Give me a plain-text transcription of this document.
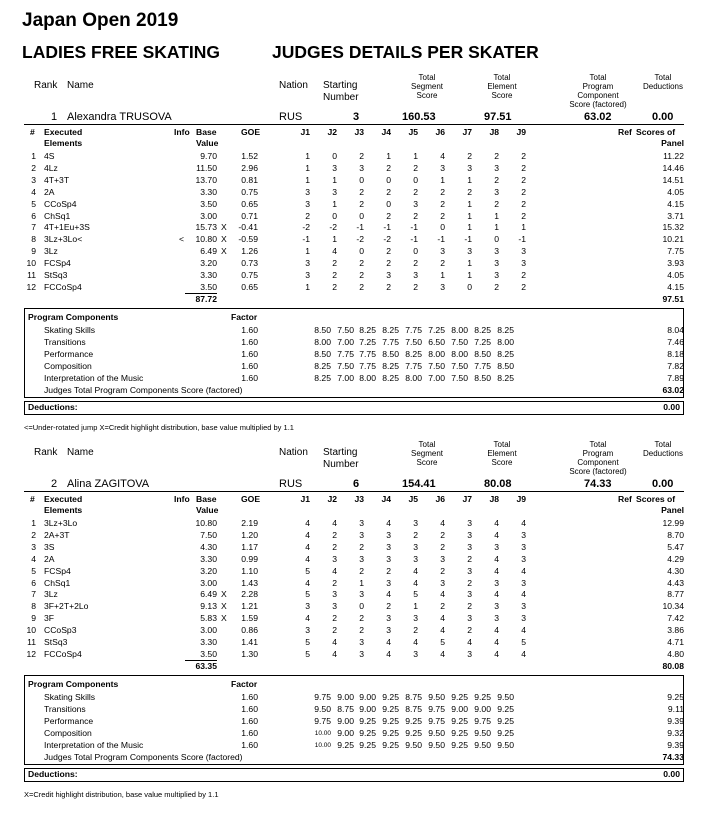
Japan Open 2019
LADIES FREE SKATING	JUDGES DETAILS PER SKATER
Rank Name	Nation Starting
Number
Total
Segment
Score
Total
Element
Score
Total
Program
Component
Score (factored)
Total
Deductions
1 Alexandra TRUSOVA	RUS	3	160.53	97.51	63.02	0.00
# Executed	Info Base	GOE	J1	J2	J3	J4	J5	J6	J7	J8	J9	Ref Scores of
Elements	Value	Panel
1 4S	9.70	1.52	1	0	2	1	1	4	2	2	2	11.22
2 4Lz	11.50	2.96	1	3	3	2	2	3	3	3	2	14.46
3 4T+3T	13.70	0.81	1	1	0	0	0	1	1	2	2	14.51
4 2A	3.30	0.75	3	3	2	2	2	2	2	3	2	4.05
5 CCoSp4	3.50	0.65	3	1	2	0	3	2	1	2	2	4.15
6 ChSq1	3.00	0.71	2	0	0	2	2	2	1	1	2	3.71
7 4T+1Eu+3S	15.73 X	-0.41	-2	-2	-1	-1	-1	0	1	1	1	15.32
8 3Lz+3Lo<	<	10.80 X	-0.59	-1	1	-2	-2	-1	-1	-1	0	-1	10.21
9 3Lz	6.49 X	1.26	1	4	0	2	0	3	3	3	3	7.75
10 FCSp4	3.20	0.73	3	2	2	2	2	2	1	3	3	3.93
11 StSq3	3.30	0.75	3	2	2	3	3	1	1	3	2	4.05
12 FCCoSp4	3.50	0.65	1	2	2	2	2	3	0	2	2	4.15
87.72	97.51
Program Components	Factor
Skating Skills	1.60	8.50 7.50 8.25 8.25 7.75 7.25 8.00 8.25 8.25	8.04
Transitions	1.60	8.00 7.00 7.25 7.75 7.50 6.50 7.50 7.25 8.00	7.46
Performance	1.60	8.50 7.75 7.75 8.50 8.25 8.00 8.00 8.50 8.25	8.18
Composition	1.60	8.25 7.50 7.75 8.25 7.75 7.50 7.50 7.75 8.50	7.82
Interpretation of the Music	1.60	8.25 7.00 8.00 8.25 8.00 7.00 7.50 8.50 8.25	7.89
Judges Total Program Components Score (factored)	63.02
Deductions:	0.00
<=Under-rotated jump X=Credit highlight distribution, base value multiplied by 1.1
Rank Name	Nation Starting
Number
Total
Segment
Score
Total
Element
Score
Total
Program
Component
Score (factored)
Total
Deductions
2 Alina ZAGITOVA	RUS	6	154.41	80.08	74.33	0.00
# Executed	Info Base	GOE	J1	J2	J3	J4	J5	J6	J7	J8	J9	Ref Scores of
Elements	Value	Panel
1 3Lz+3Lo	10.80	2.19	4	4	3	4	3	4	3	4	4	12.99
2 2A+3T	7.50	1.20	4	2	3	3	2	2	3	4	3	8.70
3 3S	4.30	1.17	4	2	2	3	3	2	3	3	3	5.47
4 2A	3.30	0.99	4	3	3	3	3	3	2	4	3	4.29
5 FCSp4	3.20	1.10	5	4	2	2	4	2	3	4	4	4.30
6 ChSq1	3.00	1.43	4	2	1	3	4	3	2	3	3	4.43
7 3Lz	6.49 X	2.28	5	3	3	4	5	4	3	4	4	8.77
8 3F+2T+2Lo	9.13 X	1.21	3	3	0	2	1	2	2	3	3	10.34
9 3F	5.83 X	1.59	4	2	2	3	3	4	3	3	3	7.42
10 CCoSp3	3.00	0.86	3	2	2	3	2	4	2	4	4	3.86
11 StSq3	3.30	1.41	5	4	3	4	4	5	4	4	5	4.71
12 FCCoSp4	3.50	1.30	5	4	3	4	3	4	3	4	4	4.80
63.35	80.08
Program Components	Factor
Skating Skills	1.60	9.75 9.00 9.00 9.25 8.75 9.50 9.25 9.25 9.50	9.25
Transitions	1.60	9.50 8.75 9.00 9.25 8.75 9.75 9.00 9.00 9.25	9.11
Performance	1.60	9.75 9.00 9.25 9.25 9.25 9.75 9.25 9.75 9.25	9.39
Composition	1.60	10.00 9.00 9.25 9.25 9.25 9.50 9.25 9.50 9.25	9.32
Interpretation of the Music	1.60	10.00 9.25 9.25 9.25 9.50 9.50 9.25 9.50 9.50	9.39
Judges Total Program Components Score (factored)	74.33
Deductions:	0.00
X=Credit highlight distribution, base value multiplied by 1.1
